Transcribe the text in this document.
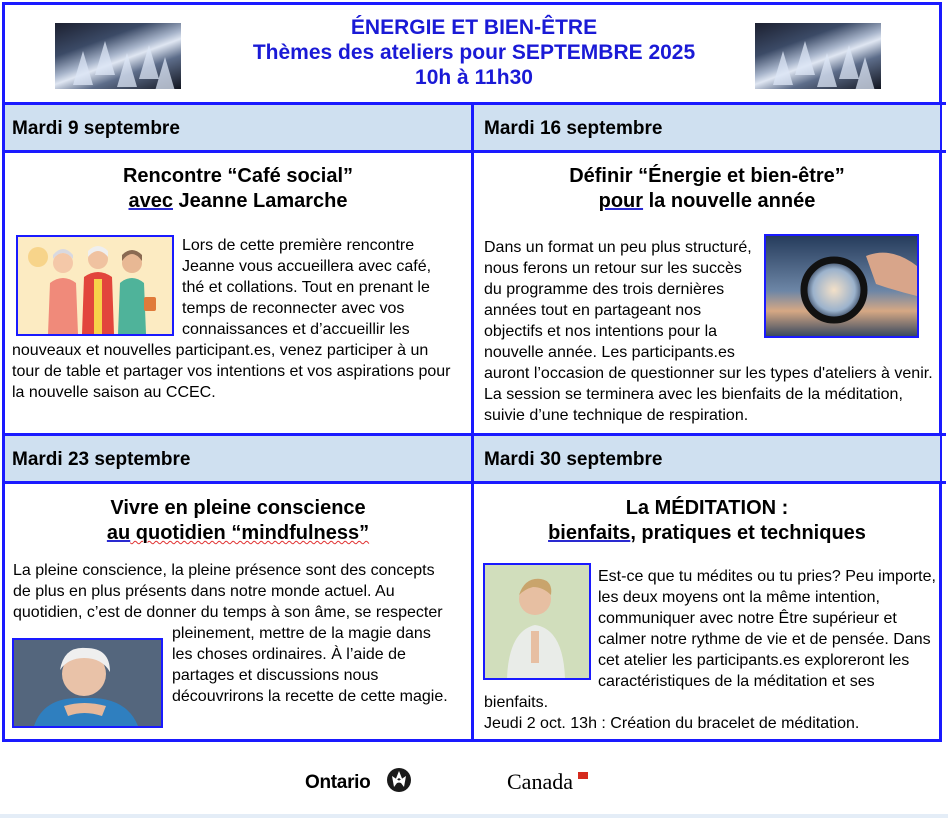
ÉNERGIE ET BIEN-ÊTRE
Thèmes des ateliers pour SEPTEMBRE 2025
10h à 11h30
Mardi 9 septembre	Mardi 16 septembre
Mardi 23 septembre	Mardi 30 septembre
Rencontre “Café social”
avec Jeanne Lamarche
Lors de cette première rencontre Jeanne vous accueillera avec café, thé et collations. Tout en prenant le temps de reconnecter avec vos connaissances et d’accueillir les nouveaux et nouvelles participant.es, venez participer à un tour de table et partager vos intentions et vos aspirations pour la nouvelle saison au CCEC.
Définir “Énergie et bien-être”
pour la nouvelle année
Dans un format un peu plus structuré, nous ferons un retour sur les succès du programme des trois dernières années tout en partageant nos objectifs et nos intentions pour la nouvelle année. Les participants.es auront l’occasion de questionner sur les types d'ateliers à venir. La session se terminera avec les bienfaits de la méditation, suivie d’une technique de respiration.
Vivre en pleine conscience
au quotidien “mindfulness”
La pleine conscience, la pleine présence sont des concepts de plus en plus présents dans notre monde actuel. Au quotidien, c’est de donner du temps à son âme, se respecter pleinement, mettre de la magie dans les choses ordinaires. À l’aide de partages et discussions nous découvrirons la recette de cette magie.
La MÉDITATION :
bienfaits, pratiques et techniques
Est-ce que tu médites ou tu pries? Peu importe, les deux moyens ont la même intention, communiquer avec notre Être supérieur et calmer notre rythme de vie et de pensée. Dans cet atelier les participants.es exploreront les caractéristiques de la méditation et ses bienfaits.
Jeudi 2 oct. 13h : Création du bracelet de méditation.
Ontario	Canada
